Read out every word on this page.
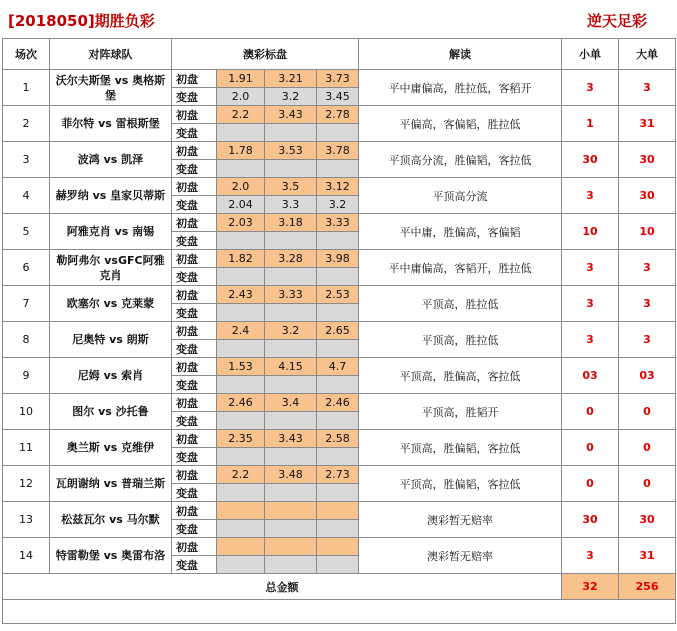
[2018050]期胜负彩	逆天足彩
场次	对阵球队	澳彩标盘				解读	小单	大单
1	沃尔夫斯堡 vs 奥格斯堡	初盘	1.91	3.21	3.73	平中庸偏高，胜拉低，客稻开	3	3
		变盘	2.0	3.2	3.45			
2	菲尔特 vs 雷根斯堡	初盘	2.2	3.43	2.78	平偏高，客偏韬，胜拉低	1	31
		变盘						
3	波鸿 vs 凯泽	初盘	1.78	3.53	3.78	平顶高分流，胜偏韬，客拉低	30	30
		变盘						
4	赫罗纳 vs 皇家贝蒂斯	初盘	2.0	3.5	3.12	平顶高分流	3	30
		变盘	2.04	3.3	3.2			
5	阿雅克肖 vs 南锡	初盘	2.03	3.18	3.33	平中庸，胜偏高，客偏韬	10	10
		变盘						
6	勒阿弗尔 vsGFC阿雅克肖	初盘	1.82	3.28	3.98	平中庸偏高，客韬开，胜拉低	3	3
		变盘						
7	欧塞尔 vs 克莱蒙	初盘	2.43	3.33	2.53	平顶高，胜拉低	3	3
		变盘						
8	尼奥特 vs 朗斯	初盘	2.4	3.2	2.65	平顶高，胜拉低	3	3
		变盘						
9	尼姆 vs 索肖	初盘	1.53	4.15	4.7	平顶高，胜偏高，客拉低	03	03
		变盘						
10	图尔 vs 沙托鲁	初盘	2.46	3.4	2.46	平顶高，胜韬开	0	0
		变盘						
11	奥兰斯 vs 克维伊	初盘	2.35	3.43	2.58	平顶高，胜偏韬，客拉低	0	0
		变盘						
12	瓦朗谢纳 vs 普瑞兰斯	初盘	2.2	3.48	2.73	平顶高，胜偏韬，客拉低	0	0
		变盘						
13	松兹瓦尔 vs 马尔默	初盘				澳彩暂无赔率	30	30
		变盘						
14	特雷勒堡 vs 奥雷布洛	初盘				澳彩暂无赔率	3	31
		变盘						
总金额							32	256
